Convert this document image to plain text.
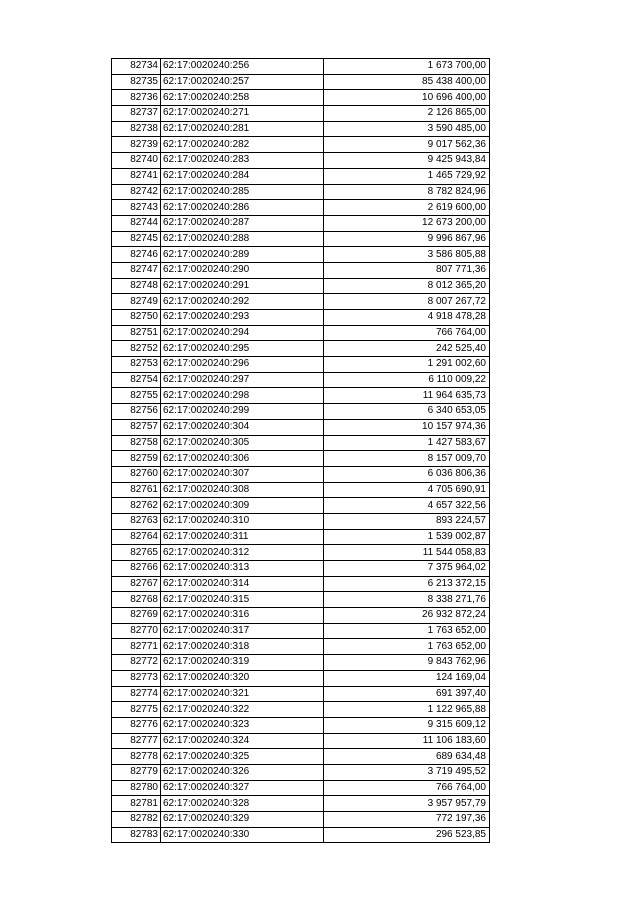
82734	62:17:0020240:256	1 673 700,00
82735	62:17:0020240:257	85 438 400,00
82736	62:17:0020240:258	10 696 400,00
82737	62:17:0020240:271	2 126 865,00
82738	62:17:0020240:281	3 590 485,00
82739	62:17:0020240:282	9 017 562,36
82740	62:17:0020240:283	9 425 943,84
82741	62:17:0020240:284	1 465 729,92
82742	62:17:0020240:285	8 782 824,96
82743	62:17:0020240:286	2 619 600,00
82744	62:17:0020240:287	12 673 200,00
82745	62:17:0020240:288	9 996 867,96
82746	62:17:0020240:289	3 586 805,88
82747	62:17:0020240:290	807 771,36
82748	62:17:0020240:291	8 012 365,20
82749	62:17:0020240:292	8 007 267,72
82750	62:17:0020240:293	4 918 478,28
82751	62:17:0020240:294	766 764,00
82752	62:17:0020240:295	242 525,40
82753	62:17:0020240:296	1 291 002,60
82754	62:17:0020240:297	6 110 009,22
82755	62:17:0020240:298	11 964 635,73
82756	62:17:0020240:299	6 340 653,05
82757	62:17:0020240:304	10 157 974,36
82758	62:17:0020240:305	1 427 583,67
82759	62:17:0020240:306	8 157 009,70
82760	62:17:0020240:307	6 036 806,36
82761	62:17:0020240:308	4 705 690,91
82762	62:17:0020240:309	4 657 322,56
82763	62:17:0020240:310	893 224,57
82764	62:17:0020240:311	1 539 002,87
82765	62:17:0020240:312	11 544 058,83
82766	62:17:0020240:313	7 375 964,02
82767	62:17:0020240:314	6 213 372,15
82768	62:17:0020240:315	8 338 271,76
82769	62:17:0020240:316	26 932 872,24
82770	62:17:0020240:317	1 763 652,00
82771	62:17:0020240:318	1 763 652,00
82772	62:17:0020240:319	9 843 762,96
82773	62:17:0020240:320	124 169,04
82774	62:17:0020240:321	691 397,40
82775	62:17:0020240:322	1 122 965,88
82776	62:17:0020240:323	9 315 609,12
82777	62:17:0020240:324	11 106 183,60
82778	62:17:0020240:325	689 634,48
82779	62:17:0020240:326	3 719 495,52
82780	62:17:0020240:327	766 764,00
82781	62:17:0020240:328	3 957 957,79
82782	62:17:0020240:329	772 197,36
82783	62:17:0020240:330	296 523,85
